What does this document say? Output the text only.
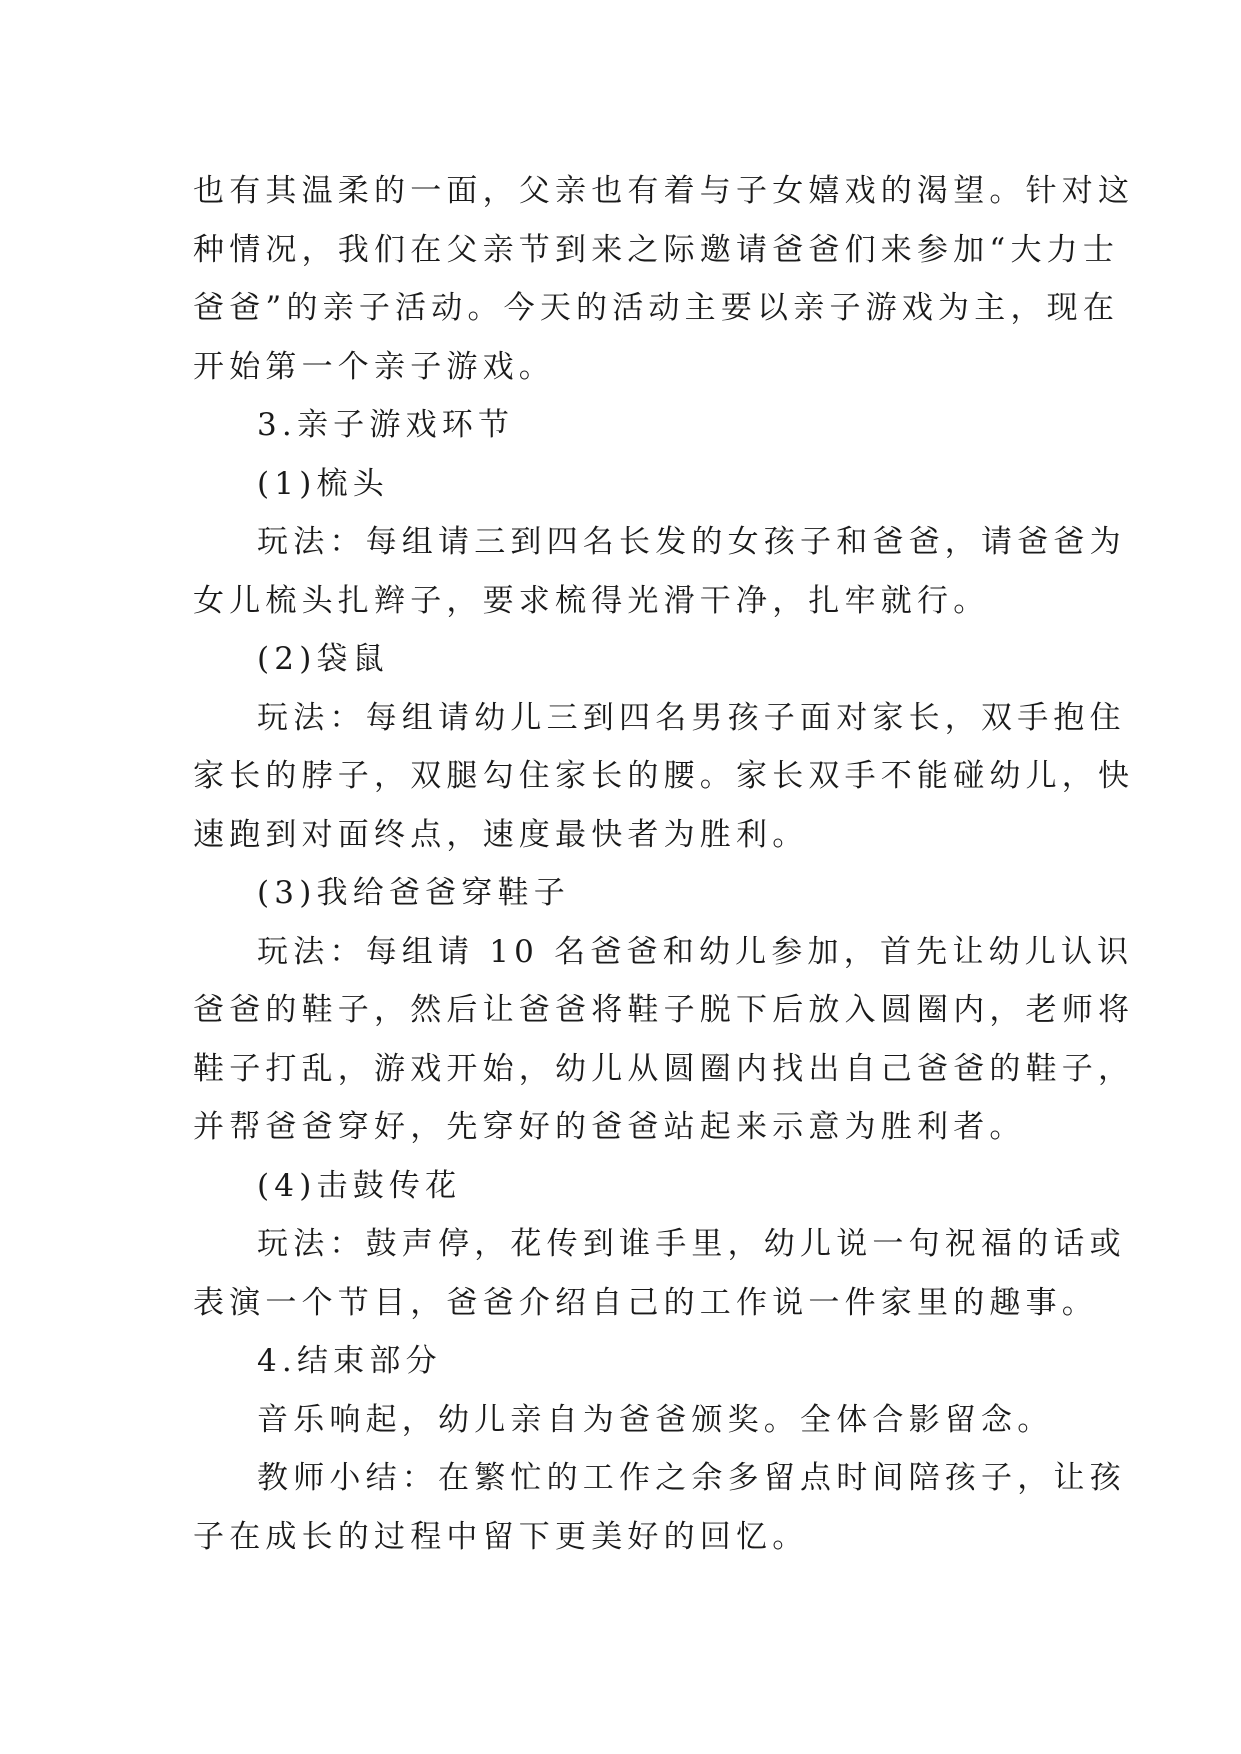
也有其温柔的一面，父亲也有着与子女嬉戏的渴望。针对这
种情况，我们在父亲节到来之际邀请爸爸们来参加“大力士
爸爸”的亲子活动。今天的活动主要以亲子游戏为主，现在
开始第一个亲子游戏。

3.亲子游戏环节

(1)梳头

玩法：每组请三到四名长发的女孩子和爸爸，请爸爸为
女儿梳头扎辫子，要求梳得光滑干净，扎牢就行。

(2)袋鼠

玩法：每组请幼儿三到四名男孩子面对家长，双手抱住
家长的脖子，双腿勾住家长的腰。家长双手不能碰幼儿，快
速跑到对面终点，速度最快者为胜利。

(3)我给爸爸穿鞋子

玩法：每组请 10 名爸爸和幼儿参加，首先让幼儿认识
爸爸的鞋子，然后让爸爸将鞋子脱下后放入圆圈内，老师将
鞋子打乱，游戏开始，幼儿从圆圈内找出自己爸爸的鞋子，
并帮爸爸穿好，先穿好的爸爸站起来示意为胜利者。

(4)击鼓传花

玩法：鼓声停，花传到谁手里，幼儿说一句祝福的话或
表演一个节目，爸爸介绍自己的工作说一件家里的趣事。

4.结束部分

音乐响起，幼儿亲自为爸爸颁奖。全体合影留念。

教师小结：在繁忙的工作之余多留点时间陪孩子，让孩
子在成长的过程中留下更美好的回忆。
